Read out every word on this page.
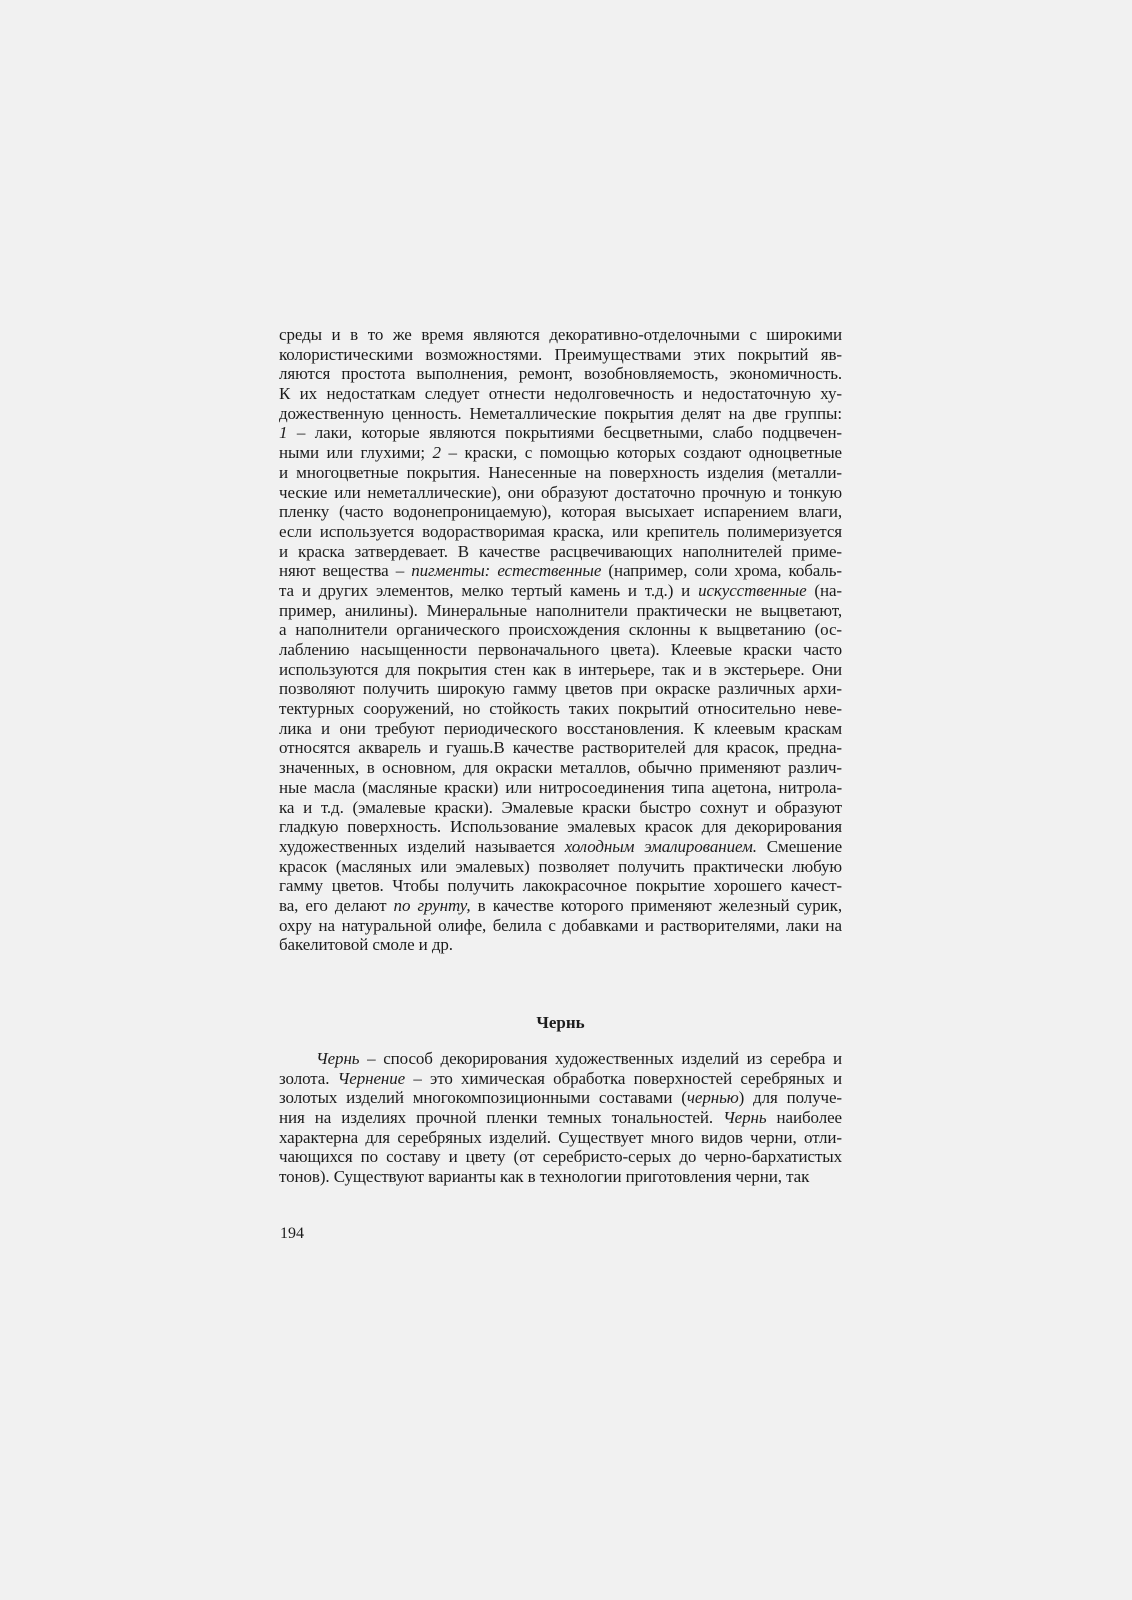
среды и в то же время являются декоративно-отделочными с широкими
колористическими возможностями. Преимуществами этих покрытий яв-
ляются простота выполнения, ремонт, возобновляемость, экономичность.
К их недостаткам следует отнести недолговечность и недостаточную ху-
дожественную ценность. Неметаллические покрытия делят на две группы:
1 – лаки, которые являются покрытиями бесцветными, слабо подцвечен-
ными или глухими; 2 – краски, с помощью которых создают одноцветные
и многоцветные покрытия. Нанесенные на поверхность изделия (металли-
ческие или неметаллические), они образуют достаточно прочную и тонкую
пленку (часто водонепроницаемую), которая высыхает испарением влаги,
если используется водорастворимая краска, или крепитель полимеризуется
и краска затвердевает. В качестве расцвечивающих наполнителей приме-
няют вещества – пигменты: естественные (например, соли хрома, кобаль-
та и других элементов, мелко тертый камень и т.д.) и искусственные (на-
пример, анилины). Минеральные наполнители практически не выцветают,
а наполнители органического происхождения склонны к выцветанию (ос-
лаблению насыщенности первоначального цвета). Клеевые краски часто
используются для покрытия стен как в интерьере, так и в экстерьере. Они
позволяют получить широкую гамму цветов при окраске различных архи-
тектурных сооружений, но стойкость таких покрытий относительно неве-
лика и они требуют периодического восстановления. К клеевым краскам
относятся акварель и гуашь.В качестве растворителей для красок, предна-
значенных, в основном, для окраски металлов, обычно применяют различ-
ные масла (масляные краски) или нитросоединения типа ацетона, нитрола-
ка и т.д. (эмалевые краски). Эмалевые краски быстро сохнут и образуют
гладкую поверхность. Использование эмалевых красок для декорирования
художественных изделий называется холодным эмалированием. Смешение
красок (масляных или эмалевых) позволяет получить практически любую
гамму цветов. Чтобы получить лакокрасочное покрытие хорошего качест-
ва, его делают по грунту, в качестве которого применяют железный сурик,
охру на натуральной олифе, белила с добавками и растворителями, лаки на
бакелитовой смоле и др.
Чернь
Чернь – способ декорирования художественных изделий из серебра и
золота. Чернение – это химическая обработка поверхностей серебряных и
золотых изделий многокомпозиционными составами (чернью) для получе-
ния на изделиях прочной пленки темных тональностей. Чернь наиболее
характерна для серебряных изделий. Существует много видов черни, отли-
чающихся по составу и цвету (от серебристо-серых до черно-бархатистых
тонов). Существуют варианты как в технологии приготовления черни, так
194
